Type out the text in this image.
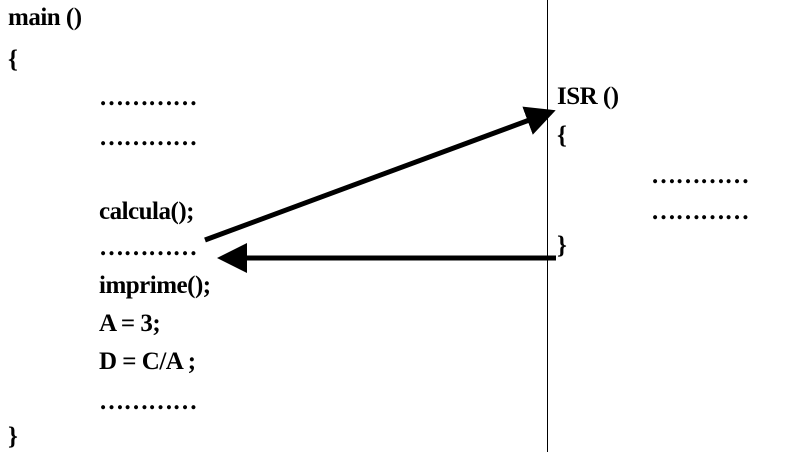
main ()
{
…………
…………
calcula();
…………
imprime();
A = 3;
D = C/A ;
…………
}
ISR ()
{
…………
…………
}
